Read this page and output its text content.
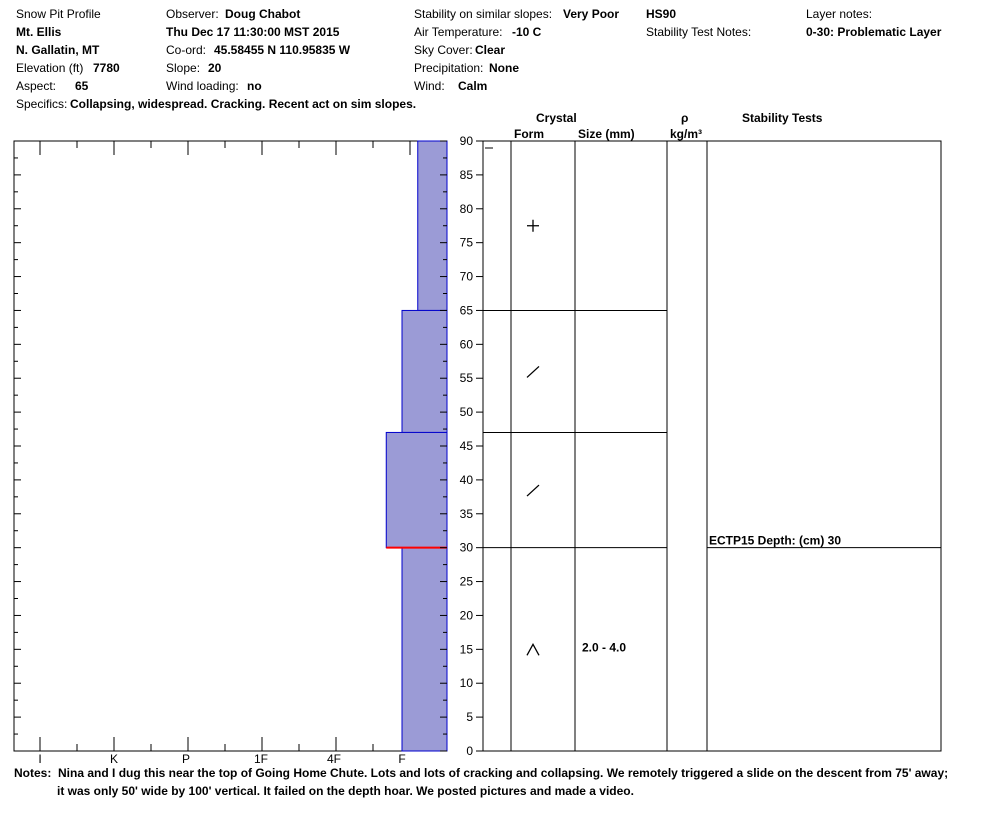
Snow Pit Profile
Mt. Ellis
N. Gallatin, MT
Elevation (ft) 7780
Aspect: 65
Specifics: Collapsing, widespread. Cracking. Recent act on sim slopes.
Observer: Doug Chabot
Thu Dec 17 11:30:00 MST 2015
Co-ord: 45.58455 N 110.95835 W
Slope: 20
Wind loading: no
Stability on similar slopes: Very Poor
Air Temperature: -10 C
Sky Cover: Clear
Precipitation: None
Wind: Calm
HS90
Stability Test Notes:
Layer notes:
0-30: Problematic Layer
Crystal
Form	Size (mm)
ρ
kg/m³
Stability Tests
I	K	P	1F	4F	F
0
5
10
15
20
25
30
35
40
45
50
55
60
65
70
75
80
85
90
2.0 - 4.0
ECTP15 Depth: (cm) 30
Notes: Nina and I dug this near the top of Going Home Chute. Lots and lots of cracking and collapsing. We remotely triggered a slide on the descent from 75' away;
it was only 50' wide by 100' vertical. It failed on the depth hoar. We posted pictures and made a video.
